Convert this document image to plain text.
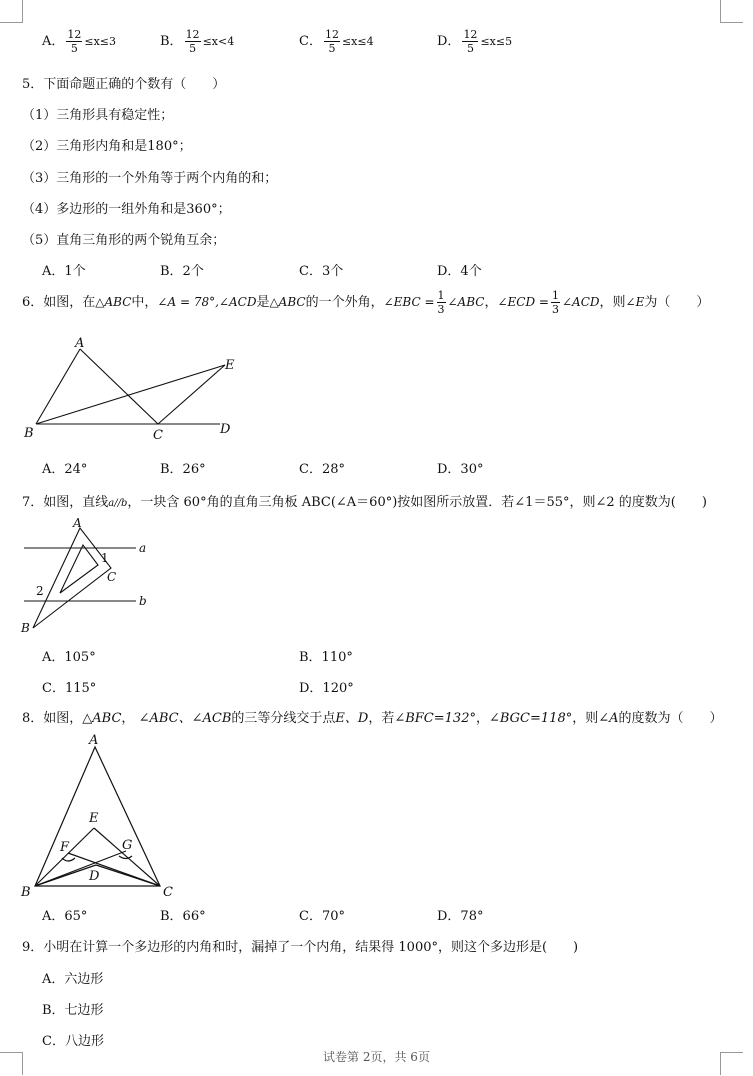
A． $\frac{12}{5} \le x\le 3$	B． $\frac{12}{5} \le x<4$	C． $\frac{12}{5} \le x\le 4$	D． $\frac{12}{5} \le x\le 5$
5．下面命题正确的个数有（　　）
（1）三角形具有稳定性；
（2）三角形内角和是180°；
（3）三角形的一个外角等于两个内角的和；
（4）多边形的一组外角和是360°；
（5）直角三角形的两个锐角互余；
A．1个	B．2个	C．3个	D．4个
6．如图，在△ABC中，∠A = 78°,∠ACD是△ABC的一个外角，∠EBC = $\frac{1}{3}$ ∠ABC，∠ECD = $\frac{1}{3}$ ∠ACD，则∠E为（　　）
A
B	C	D
E
A．24°	B．26°	C．28°	D．30°
7．如图，直线a//b，一块含 60°角的直角三角板 ABC(∠A＝60°)按如图所示放置．若∠1＝55°，则∠2 的度数为(　　)
A
B
C
a
b
1
2
A．105°	B．110°
C．115°	D．120°
8．如图，△ABC， ∠ABC、∠ACB的三等分线交于点E、D，若∠BFC=132°，∠BGC=118°，则∠A的度数为（　　）
A
B	C
D
E
F	G
A．65°	B．66°	C．70°	D．78°
9．小明在计算一个多边形的内角和时，漏掉了一个内角，结果得 1000°，则这个多边形是(　　)
A．六边形
B．七边形
C．八边形
试卷第 2页，共 6页
